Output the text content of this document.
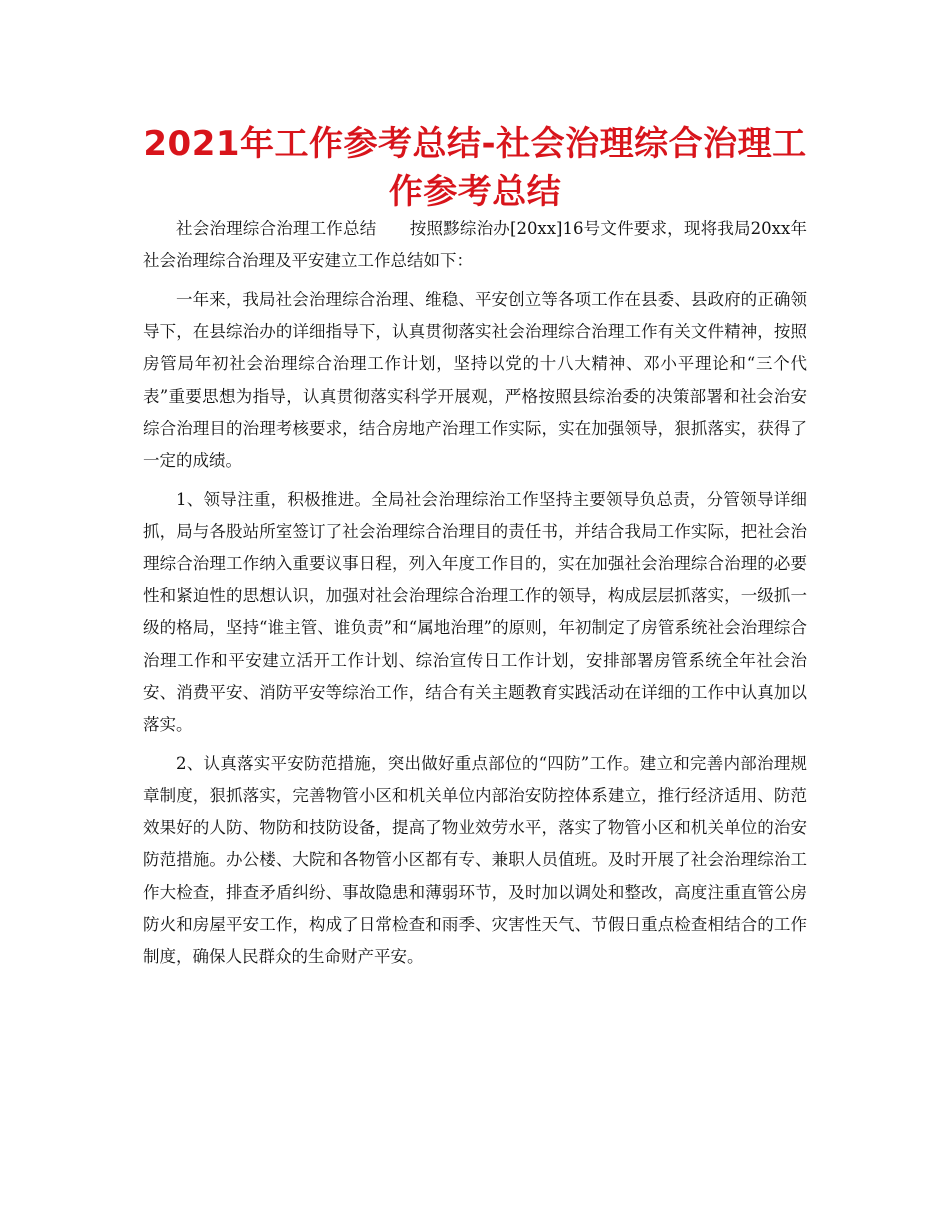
2021年工作参考总结-社会治理综合治理工作参考总结

社会治理综合治理工作总结　　按照黟综治办[20xx]16号文件要求，现将我局20xx年社会治理综合治理及平安建立工作总结如下：

一年来，我局社会治理综合治理、维稳、平安创立等各项工作在县委、县政府的正确领导下，在县综治办的详细指导下，认真贯彻落实社会治理综合治理工作有关文件精神，按照房管局年初社会治理综合治理工作计划，坚持以党的十八大精神、邓小平理论和“三个代表”重要思想为指导，认真贯彻落实科学开展观，严格按照县综治委的决策部署和社会治安综合治理目的治理考核要求，结合房地产治理工作实际，实在加强领导，狠抓落实，获得了一定的成绩。

1、领导注重，积极推进。全局社会治理综治工作坚持主要领导负总责，分管领导详细抓，局与各股站所室签订了社会治理综合治理目的责任书，并结合我局工作实际，把社会治理综合治理工作纳入重要议事日程，列入年度工作目的，实在加强社会治理综合治理的必要性和紧迫性的思想认识，加强对社会治理综合治理工作的领导，构成层层抓落实，一级抓一级的格局，坚持“谁主管、谁负责”和“属地治理”的原则，年初制定了房管系统社会治理综合治理工作和平安建立活开工作计划、综治宣传日工作计划，安排部署房管系统全年社会治安、消费平安、消防平安等综治工作，结合有关主题教育实践活动在详细的工作中认真加以落实。

2、认真落实平安防范措施，突出做好重点部位的“四防”工作。建立和完善内部治理规章制度，狠抓落实，完善物管小区和机关单位内部治安防控体系建立，推行经济适用、防范效果好的人防、物防和技防设备，提高了物业效劳水平，落实了物管小区和机关单位的治安防范措施。办公楼、大院和各物管小区都有专、兼职人员值班。及时开展了社会治理综治工作大检查，排查矛盾纠纷、事故隐患和薄弱环节，及时加以调处和整改，高度注重直管公房防火和房屋平安工作，构成了日常检查和雨季、灾害性天气、节假日重点检查相结合的工作制度，确保人民群众的生命财产平安。
